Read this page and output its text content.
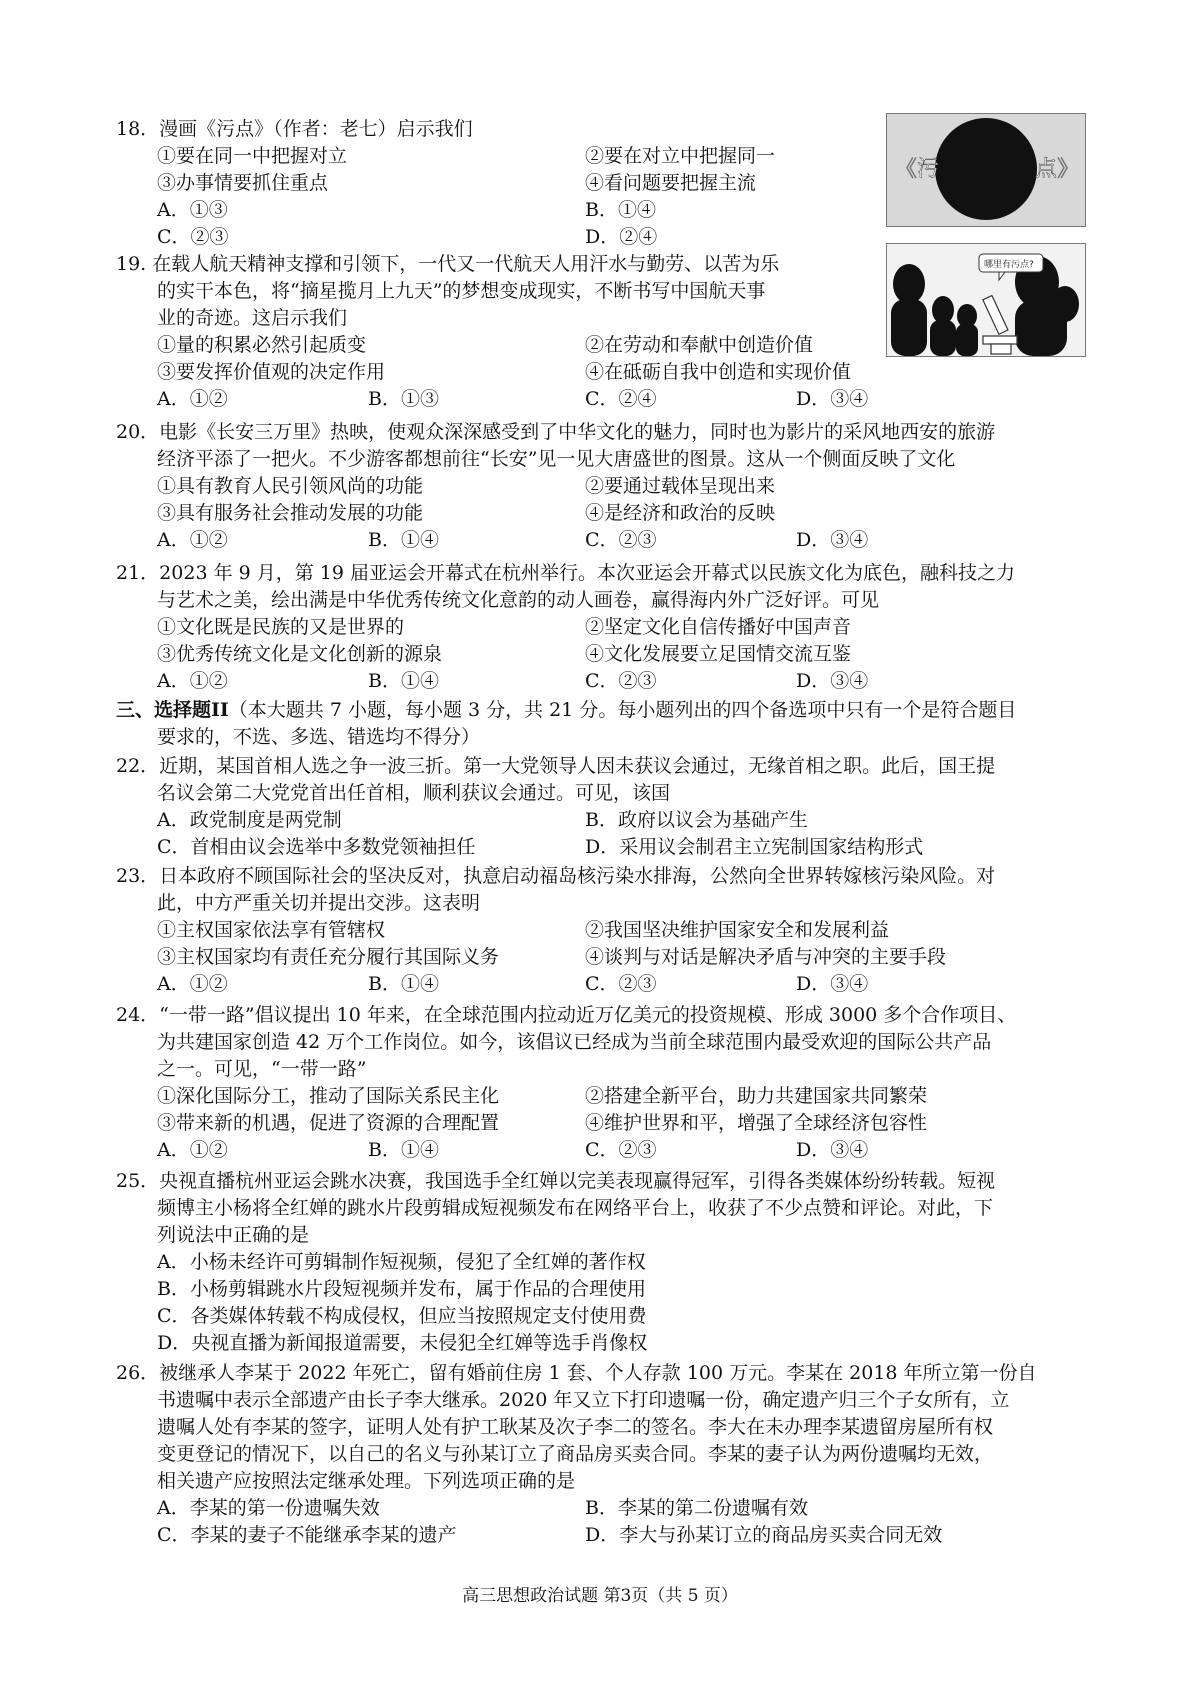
《污	点》
哪里有污点?
18．漫画《污点》（作者：老七）启示我们
①要在同一中把握对立	②要在对立中把握同一
③办事情要抓住重点	④看问题要把握主流
A．①③	B．①④
C．②③	D．②④
19. 在载人航天精神支撑和引领下，一代又一代航天人用汗水与勤劳、以苦为乐
的实干本色，将“摘星揽月上九天”的梦想变成现实，不断书写中国航天事
业的奇迹。这启示我们
①量的积累必然引起质变	②在劳动和奉献中创造价值
③要发挥价值观的决定作用	④在砥砺自我中创造和实现价值
A．①②	B．①③	C．②④	D．③④
20．电影《长安三万里》热映，使观众深深感受到了中华文化的魅力，同时也为影片的采风地西安的旅游
经济平添了一把火。不少游客都想前往“长安”见一见大唐盛世的图景。这从一个侧面反映了文化
①具有教育人民引领风尚的功能	②要通过载体呈现出来
③具有服务社会推动发展的功能	④是经济和政治的反映
A．①②	B．①④	C．②③	D．③④
21．2023 年 9 月，第 19 届亚运会开幕式在杭州举行。本次亚运会开幕式以民族文化为底色，融科技之力
与艺术之美，绘出满是中华优秀传统文化意韵的动人画卷，赢得海内外广泛好评。可见
①文化既是民族的又是世界的	②坚定文化自信传播好中国声音
③优秀传统文化是文化创新的源泉	④文化发展要立足国情交流互鉴
A．①②	B．①④	C．②③	D．③④
三、选择题II（本大题共 7 小题，每小题 3 分，共 21 分。每小题列出的四个备选项中只有一个是符合题目
要求的，不选、多选、错选均不得分）
22．近期，某国首相人选之争一波三折。第一大党领导人因未获议会通过，无缘首相之职。此后，国王提
名议会第二大党党首出任首相，顺利获议会通过。可见，该国
A．政党制度是两党制	B．政府以议会为基础产生
C．首相由议会选举中多数党领袖担任	D．采用议会制君主立宪制国家结构形式
23．日本政府不顾国际社会的坚决反对，执意启动福岛核污染水排海，公然向全世界转嫁核污染风险。对
此，中方严重关切并提出交涉。这表明
①主权国家依法享有管辖权	②我国坚决维护国家安全和发展利益
③主权国家均有责任充分履行其国际义务	④谈判与对话是解决矛盾与冲突的主要手段
A．①②	B．①④	C．②③	D．③④
24．“一带一路”倡议提出 10 年来，在全球范围内拉动近万亿美元的投资规模、形成 3000 多个合作项目、
为共建国家创造 42 万个工作岗位。如今，该倡议已经成为当前全球范围内最受欢迎的国际公共产品
之一。可见，“一带一路”
①深化国际分工，推动了国际关系民主化	②搭建全新平台，助力共建国家共同繁荣
③带来新的机遇，促进了资源的合理配置	④维护世界和平，增强了全球经济包容性
A．①②	B．①④	C．②③	D．③④
25．央视直播杭州亚运会跳水决赛，我国选手全红婵以完美表现赢得冠军，引得各类媒体纷纷转载。短视
频博主小杨将全红婵的跳水片段剪辑成短视频发布在网络平台上，收获了不少点赞和评论。对此，下
列说法中正确的是
A．小杨未经许可剪辑制作短视频，侵犯了全红婵的著作权
B．小杨剪辑跳水片段短视频并发布，属于作品的合理使用
C．各类媒体转载不构成侵权，但应当按照规定支付使用费
D．央视直播为新闻报道需要，未侵犯全红婵等选手肖像权
26．被继承人李某于 2022 年死亡，留有婚前住房 1 套、个人存款 100 万元。李某在 2018 年所立第一份自
书遗嘱中表示全部遗产由长子李大继承。2020 年又立下打印遗嘱一份，确定遗产归三个子女所有，立
遗嘱人处有李某的签字，证明人处有护工耿某及次子李二的签名。李大在未办理李某遗留房屋所有权
变更登记的情况下，以自己的名义与孙某订立了商品房买卖合同。李某的妻子认为两份遗嘱均无效，
相关遗产应按照法定继承处理。下列选项正确的是
A．李某的第一份遗嘱失效	B．李某的第二份遗嘱有效
C．李某的妻子不能继承李某的遗产	D．李大与孙某订立的商品房买卖合同无效
高三思想政治试题 第3页（共 5 页）
